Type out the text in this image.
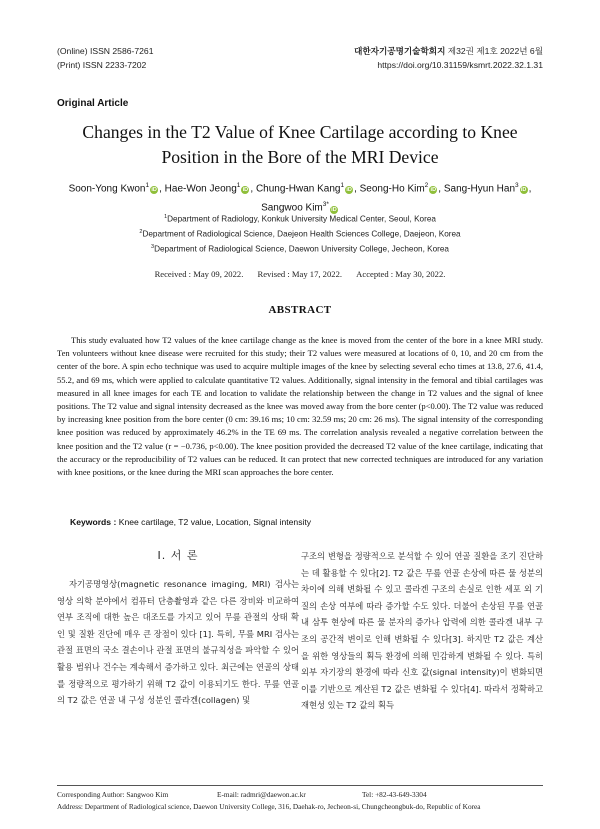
(Online) ISSN 2586-7261
(Print) ISSN 2233-7202
대한자기공명기술학회지 제32권 제1호 2022년 6월
https://doi.org/10.31159/ksmrt.2022.32.1.31
Original Article
Changes in the T2 Value of Knee Cartilage according to Knee
Position in the Bore of the MRI Device
Soon-Yong Kwon$^1$iD , Hae-Won Jeong$^1$iD , Chung-Hwan Kang$^1$iD , Seong-Ho Kim$^2$iD , Sang-Hyun Han$^3$iD ,
Sangwoo Kim$^{3*}$iD
$^1$Department of Radiology, Konkuk University Medical Center, Seoul, Korea
$^2$Department of Radiological Science, Daejeon Health Sciences College, Daejeon, Korea
$^3$Department of Radiological Science, Daewon University College, Jecheon, Korea
Received : May 09, 2022. Revised : May 17, 2022. Accepted : May 30, 2022.
ABSTRACT

This study evaluated how T2 values of the knee cartilage change as the knee is moved from the center of the bore in a knee MRI study. Ten volunteers without knee disease were recruited for this study; their T2 values were measured at locations of 0, 10, and 20 cm from the center of the bore. A spin echo technique was used to acquire multiple images of the knee by selecting several echo times at 13.8, 27.6, 41.4, 55.2, and 69 ms, which were applied to calculate quantitative T2 values. Additionally, signal intensity in the femoral and tibial cartilages was measured in all knee images for each TE and location to validate the relationship between the change in T2 values and the signal of knee positions. The T2 value and signal intensity decreased as the knee was moved away from the bore center (p<0.00). The T2 value was reduced by increasing knee position from the bore center (0 cm: 39.16 ms; 10 cm: 32.59 ms; 20 cm: 26 ms). The signal intensity of the corresponding knee position was reduced by approximately 46.2% in the TE 69 ms. The correlation analysis revealed a negative correlation between the knee position and the T2 value (r = −0.736, p<0.00). The knee position provided the decreased T2 value of the knee cartilage, indicating that the accuracy or the reproducibility of T2 values can be reduced. It can protect that new corrected techniques are introduced for any variation with knee positions, or the knee during the MRI scan approaches the bore center.

Keywords : Knee cartilage, T2 value, Location, Signal intensity
Ⅰ. 서 론

자기공명영상(magnetic resonance imaging, MRI) 검사는 영상 의학 분야에서 컴퓨터 단층촬영과 같은 다른 장비와 비교하여 연부 조직에 대한 높은 대조도를 가지고 있어 무릎 관절의 상태 확인 및 질환 진단에 매우 큰 장점이 있다 [1]. 특히, 무릎 MRI 검사는 관절 표면의 국소 결손이나 관절 표면의 불규칙성을 파악할 수 있어 활용 범위나 건수는 계속해서 증가하고 있다. 최근에는 연골의 상태를 정량적으로 평가하기 위해 T2 값이 이용되기도 한다. 무릎 연골의 T2 값은 연골 내 구성 성분인 콜라겐(collagen) 및

구조의 변형을 정량적으로 분석할 수 있어 연골 질환을 조기 진단하는 데 활용할 수 있다[2]. T2 값은 무릎 연골 손상에 따른 물 성분의 차이에 의해 변화될 수 있고 콜라겐 구조의 손실로 인한 세포 외 기질의 손상 여부에 따라 증가할 수도 있다. 더불어 손상된 무릎 연골 내 삼투 현상에 따른 물 분자의 증가나 압력에 의한 콜라겐 내부 구조의 공간적 변이로 인해 변화될 수 있다[3]. 하지만 T2 값은 계산을 위한 영상들의 획득 환경에 의해 민감하게 변화될 수 있다. 특히 외부 자기장의 환경에 따라 신호 값(signal intensity)이 변화되면 이를 기반으로 계산된 T2 값은 변화될 수 있다[4]. 따라서 정확하고 재현성 있는 T2 값의 획득

Corresponding Author: Sangwoo Kim	E-mail: radmri@daewon.ac.kr	Tel: +82-43-649-3304
Address: Department of Radiological science, Daewon University College, 316, Daehak-ro, Jecheon-si, Chungcheongbuk-do, Republic of Korea
